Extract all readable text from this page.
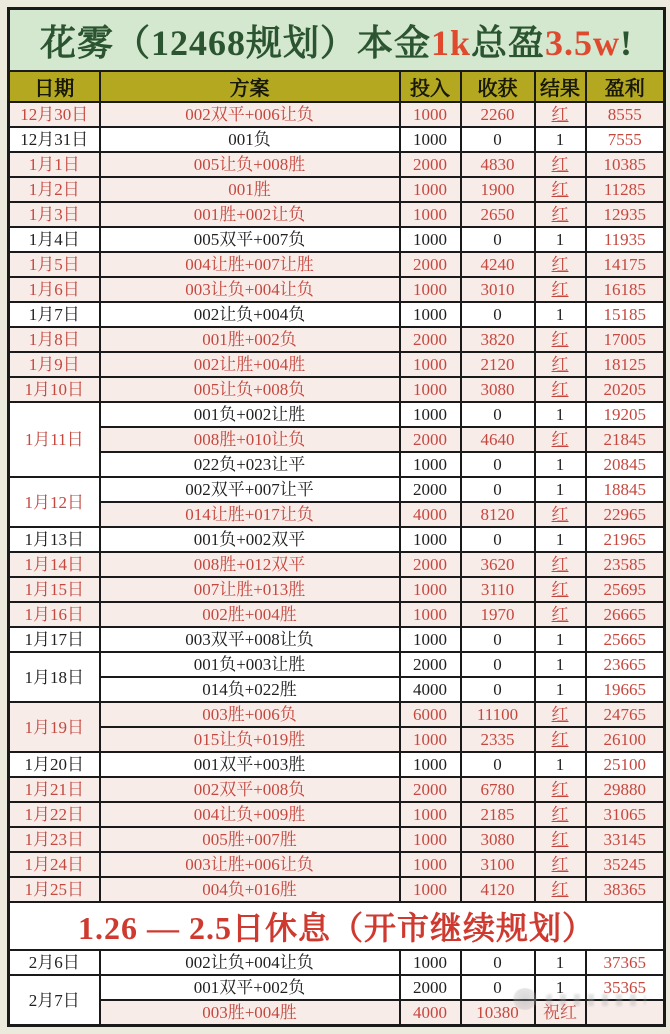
花雾（12468规划）本金1k总盈3.5w!					
日期	方案	投入	收获	结果	盈利
12月30日	002双平+006让负	1000	2260	红	8555
12月31日	001负	1000	0	1	7555
1月1日	005让负+008胜	2000	4830	红	10385
1月2日	001胜	1000	1900	红	11285
1月3日	001胜+002让负	1000	2650	红	12935
1月4日	005双平+007负	1000	0	1	11935
1月5日	004让胜+007让胜	2000	4240	红	14175
1月6日	003让负+004让负	1000	3010	红	16185
1月7日	002让负+004负	1000	0	1	15185
1月8日	001胜+002负	2000	3820	红	17005
1月9日	002让胜+004胜	1000	2120	红	18125
1月10日	005让负+008负	1000	3080	红	20205
1月11日	001负+002让胜	1000	0	1	19205
	008胜+010让负	2000	4640	红	21845
	022负+023让平	1000	0	1	20845
1月12日	002双平+007让平	2000	0	1	18845
	014让胜+017让负	4000	8120	红	22965
1月13日	001负+002双平	1000	0	1	21965
1月14日	008胜+012双平	2000	3620	红	23585
1月15日	007让胜+013胜	1000	3110	红	25695
1月16日	002胜+004胜	1000	1970	红	26665
1月17日	003双平+008让负	1000	0	1	25665
1月18日	001负+003让胜	2000	0	1	23665
	014负+022胜	4000	0	1	19665
1月19日	003胜+006负	6000	11100	红	24765
	015让负+019胜	1000	2335	红	26100
1月20日	001双平+003胜	1000	0	1	25100
1月21日	002双平+008负	2000	6780	红	29880
1月22日	004让负+009胜	1000	2185	红	31065
1月23日	005胜+007胜	1000	3080	红	33145
1月24日	003让胜+006让负	1000	3100	红	35245
1月25日	004负+016胜	1000	4120	红	38365
1.26 — 2.5日休息（开市继续规划）					
2月6日	002让负+004让负	1000	0	1	37365
2月7日	001双平+002负	2000	0	1	35365
	003胜+004胜	4000	10380	祝红	
